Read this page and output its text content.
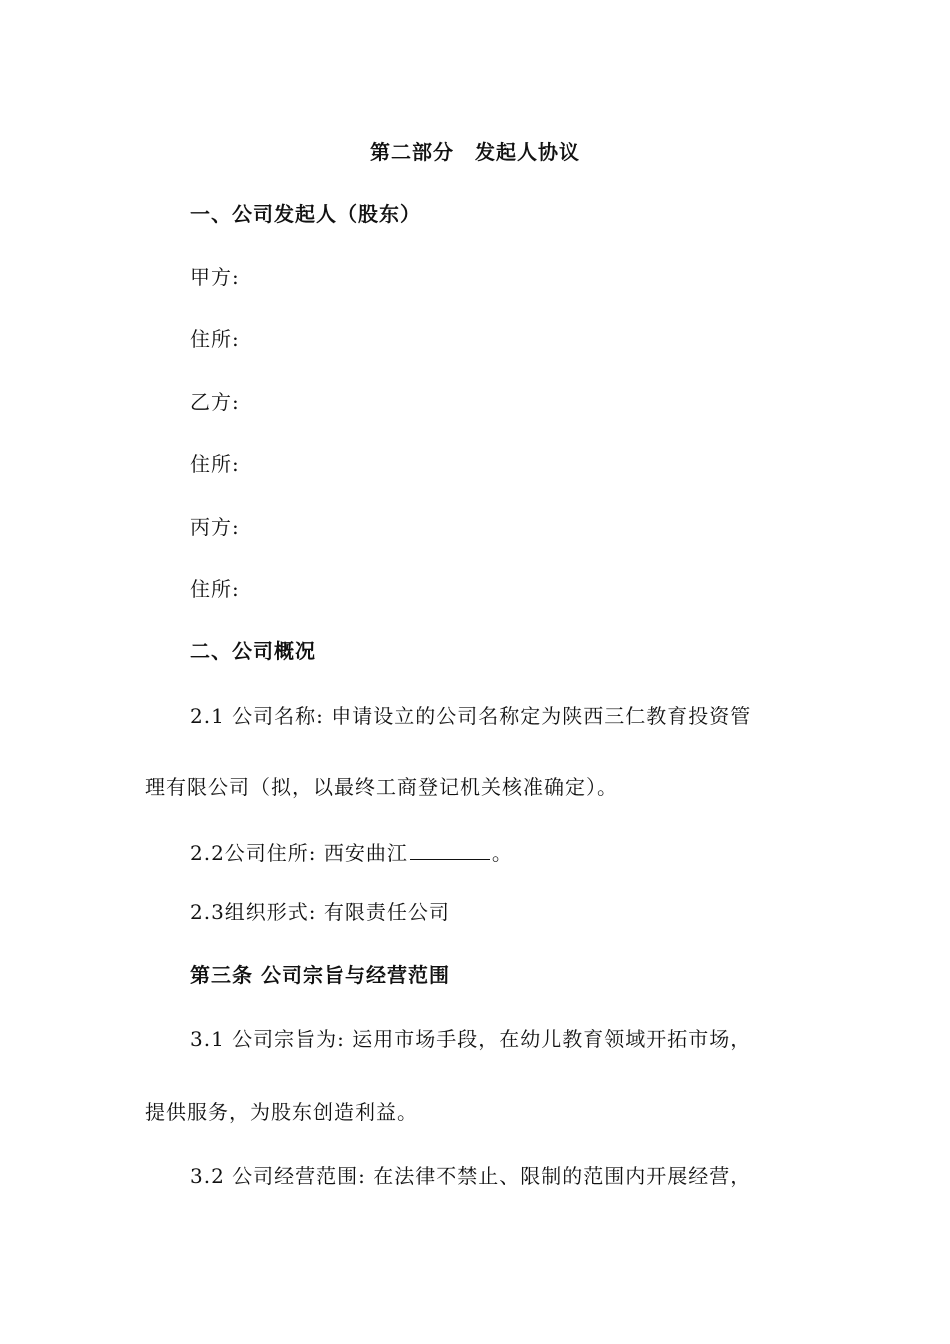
第二部分　发起人协议
一、公司发起人（股东）
甲方:
住所:
乙方:
住所:
丙方:
住所:
二、公司概况
2.1 公司名称: 申请设立的公司名称定为陕西三仁教育投资管
理有限公司（拟，以最终工商登记机关核准确定）。
2.2公司住所: 西安曲江	。
2.3组织形式: 有限责任公司
第三条 公司宗旨与经营范围
3.1 公司宗旨为: 运用市场手段，在幼儿教育领域开拓市场，
提供服务，为股东创造利益。
3.2 公司经营范围: 在法律不禁止、限制的范围内开展经营，
